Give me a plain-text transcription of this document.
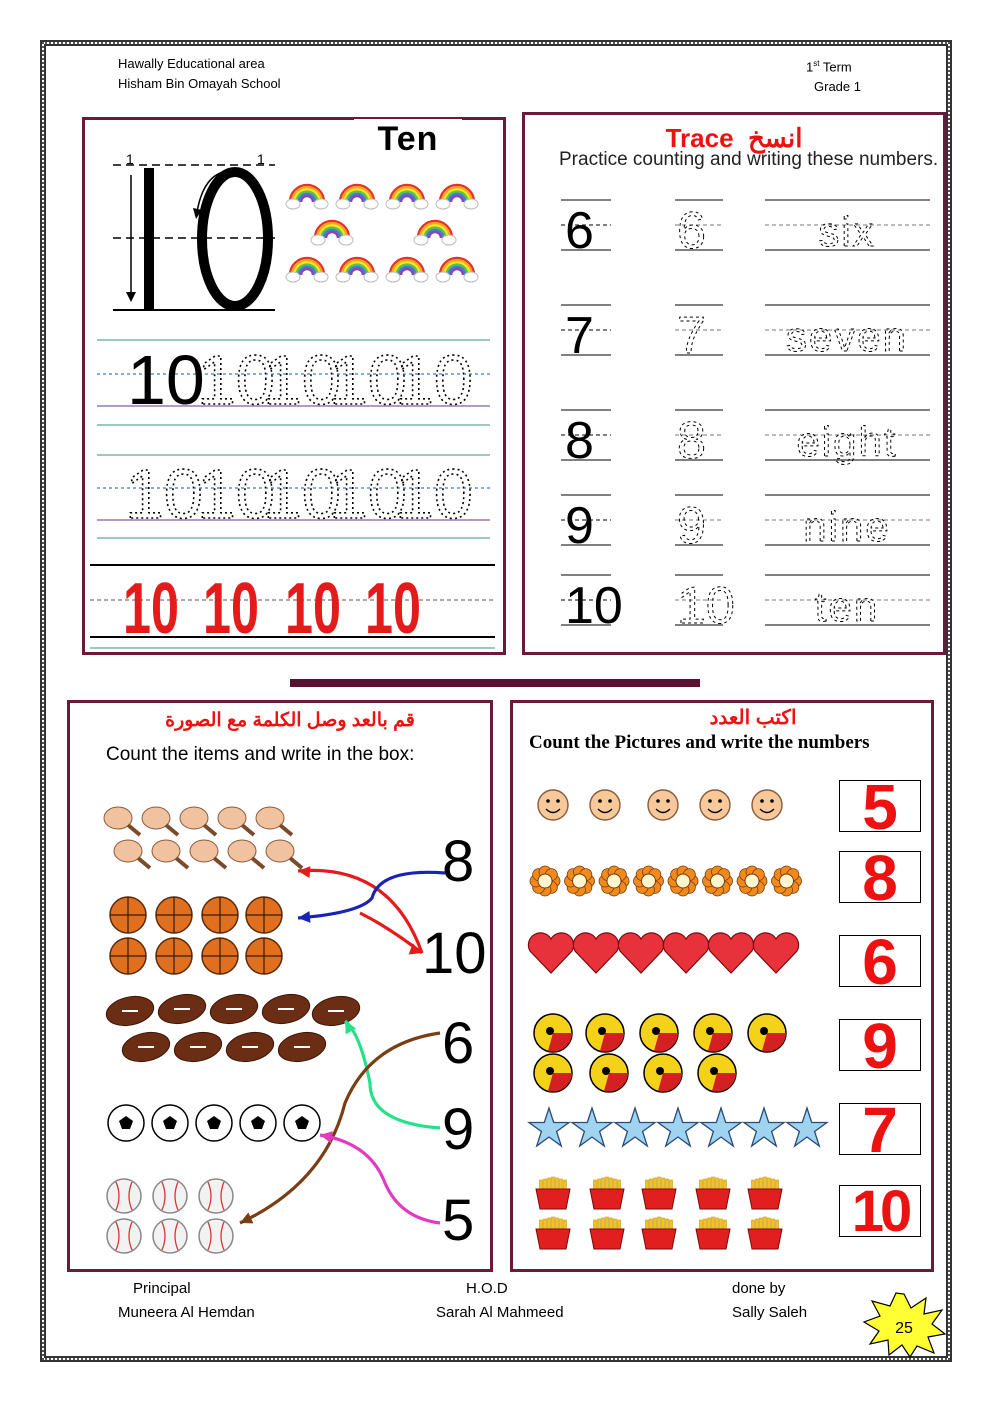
Hawally Educational area
Hisham Bin Omayah School
1st Term
Grade 1
1	1
10
10
10
10
10
10
10
10
10
10
10 10 10 10
Ten	Trace انسخ
Practice counting and writing these numbers.
6 6	six
7 7 seven
8 8 eight
9 9 nine
10 10 ten
قم بالعد وصل الكلمة مع الصورة
Count the items and write in the box:
8
10
6
9
5
اكتب العدد
Count the Pictures and write the numbers
5
8
6
9
7
10
Principal
Muneera Al Hemdan
H.O.D
Sarah Al Mahmeed
done by
Sally Saleh
25
